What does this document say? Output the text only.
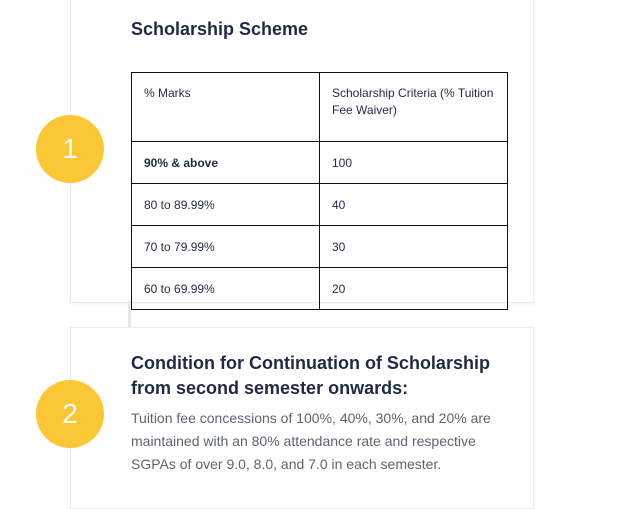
1
2
Scholarship Scheme
% Marks	Scholarship Criteria (% Tuition Fee Waiver)
90% & above	100
80 to 89.99%	40
70 to 79.99%	30
60 to 69.99%	20
Condition for Continuation of Scholarship from second semester onwards:
Tuition fee concessions of 100%, 40%, 30%, and 20% are maintained with an 80% attendance rate and respective SGPAs of over 9.0, 8.0, and 7.0 in each semester.
